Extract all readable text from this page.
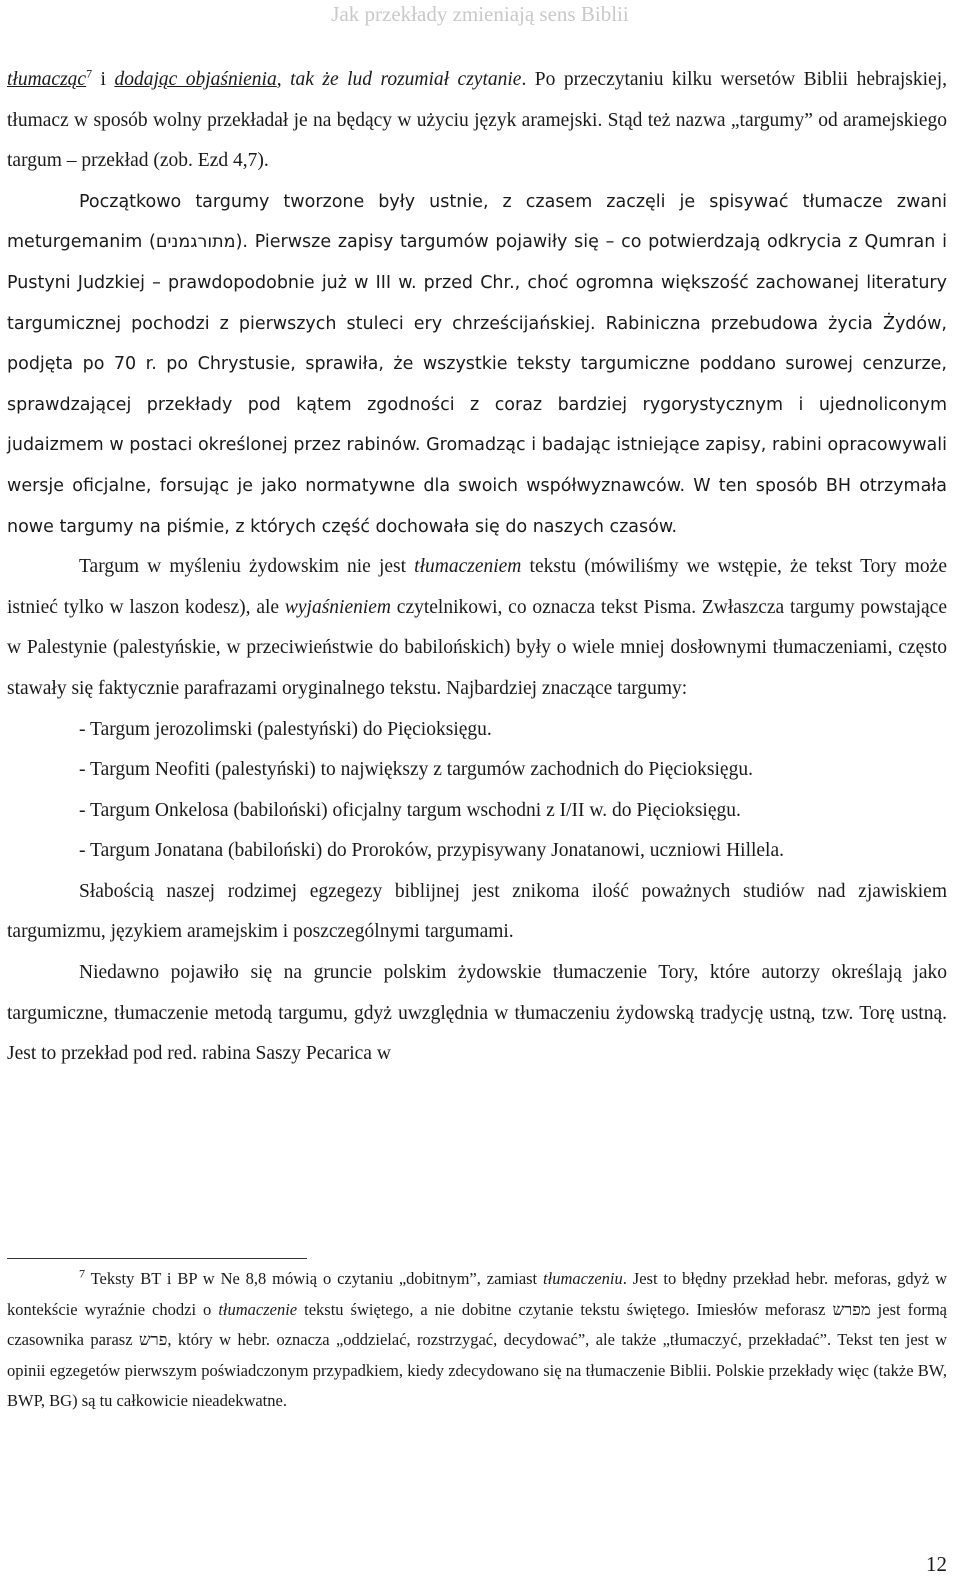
Jak przekłady zmieniają sens Biblii

tłumacząc$^7$ i dodając objaśnienia, tak że lud rozumiał czytanie. Po przeczytaniu kilku wersetów Biblii hebrajskiej, tłumacz w sposób wolny przekładał je na będący w użyciu język aramejski. Stąd też nazwa „targumy” od aramejskiego targum – przekład (zob. Ezd 4,7).

Początkowo targumy tworzone były ustnie, z czasem zaczęli je spisywać tłumacze zwani meturgemanim (מתורגמנים). Pierwsze zapisy targumów pojawiły się – co potwierdzają odkrycia z Qumran i Pustyni Judzkiej – prawdopodobnie już w III w. przed Chr., choć ogromna większość zachowanej literatury targumicznej pochodzi z pierwszych stuleci ery chrześcijańskiej. Rabiniczna przebudowa życia Żydów, podjęta po 70 r. po Chrystusie, sprawiła, że wszystkie teksty targumiczne poddano surowej cenzurze, sprawdzającej przekłady pod kątem zgodności z coraz bardziej rygorystycznym i ujednoliconym judaizmem w postaci określonej przez rabinów. Gromadząc i badając istniejące zapisy, rabini opracowywali wersje oficjalne, forsując je jako normatywne dla swoich współwyznawców. W ten sposób BH otrzymała nowe targumy na piśmie, z których część dochowała się do naszych czasów.

Targum w myśleniu żydowskim nie jest tłumaczeniem tekstu (mówiliśmy we wstępie, że tekst Tory może istnieć tylko w laszon kodesz), ale wyjaśnieniem czytelnikowi, co oznacza tekst Pisma. Zwłaszcza targumy powstające w Palestynie (palestyńskie, w przeciwieństwie do babilońskich) były o wiele mniej dosłownymi tłumaczeniami, często stawały się faktycznie parafrazami oryginalnego tekstu. Najbardziej znaczące targumy:

- Targum jerozolimski (palestyński) do Pięcioksięgu.

- Targum Neofiti (palestyński) to największy z targumów zachodnich do Pięcioksięgu.

- Targum Onkelosa (babiloński) oficjalny targum wschodni z I/II w. do Pięcioksięgu.

- Targum Jonatana (babiloński) do Proroków, przypisywany Jonatanowi, uczniowi Hillela.

Słabością naszej rodzimej egzegezy biblijnej jest znikoma ilość poważnych studiów nad zjawiskiem targumizmu, językiem aramejskim i poszczególnymi targumami.

Niedawno pojawiło się na gruncie polskim żydowskie tłumaczenie Tory, które autorzy określają jako targumiczne, tłumaczenie metodą targumu, gdyż uwzględnia w tłumaczeniu żydowską tradycję ustną, tzw. Torę ustną. Jest to przekład pod red. rabina Saszy Pecarica w

$^7$ Teksty BT i BP w Ne 8,8 mówią o czytaniu „dobitnym”, zamiast tłumaczeniu. Jest to błędny przekład hebr. meforas, gdyż w kontekście wyraźnie chodzi o tłumaczenie tekstu świętego, a nie dobitne czytanie tekstu świętego. Imiesłów meforasz מפרש jest formą czasownika parasz פרש, który w hebr. oznacza „oddzielać, rozstrzygać, decydować”, ale także „tłumaczyć, przekładać”. Tekst ten jest w opinii egzegetów pierwszym poświadczonym przypadkiem, kiedy zdecydowano się na tłumaczenie Biblii. Polskie przekłady więc (także BW, BWP, BG) są tu całkowicie nieadekwatne.

12
